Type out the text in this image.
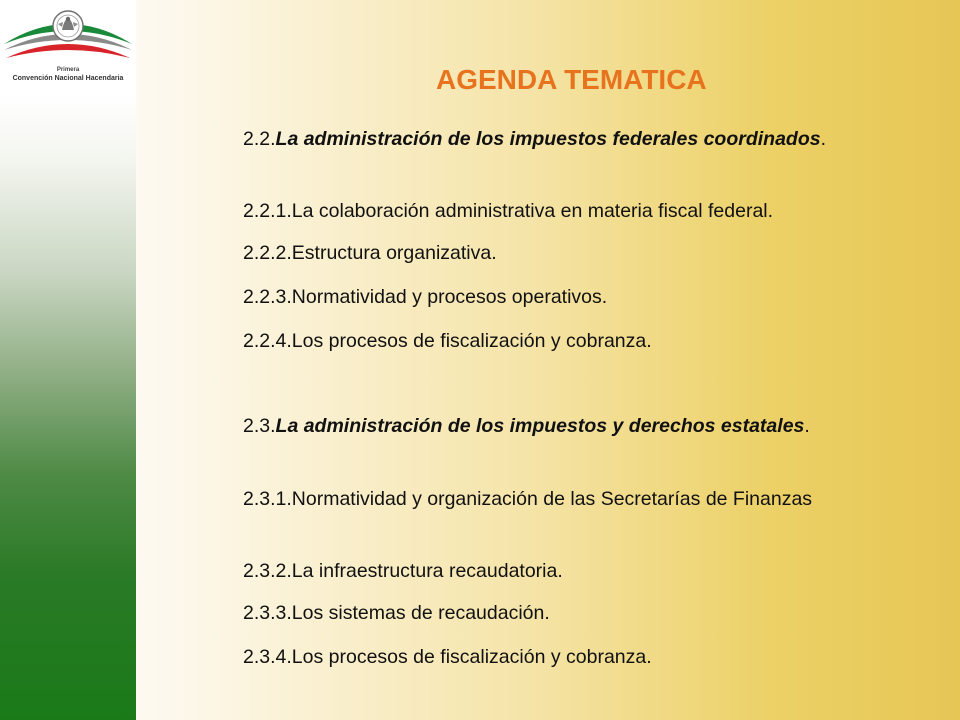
Primera
Convención Nacional Hacendaria	AGENDA TEMATICA

2.2.La administración de los impuestos federales coordinados.

2.2.1.La colaboración administrativa en materia fiscal federal.

2.2.2.Estructura organizativa.

2.2.3.Normatividad y procesos operativos.

2.2.4.Los procesos de fiscalización y cobranza.

2.3.La administración de los impuestos y derechos estatales.

2.3.1.Normatividad y organización de las Secretarías de Finanzas

2.3.2.La infraestructura recaudatoria.

2.3.3.Los sistemas de recaudación.

2.3.4.Los procesos de fiscalización y cobranza.
